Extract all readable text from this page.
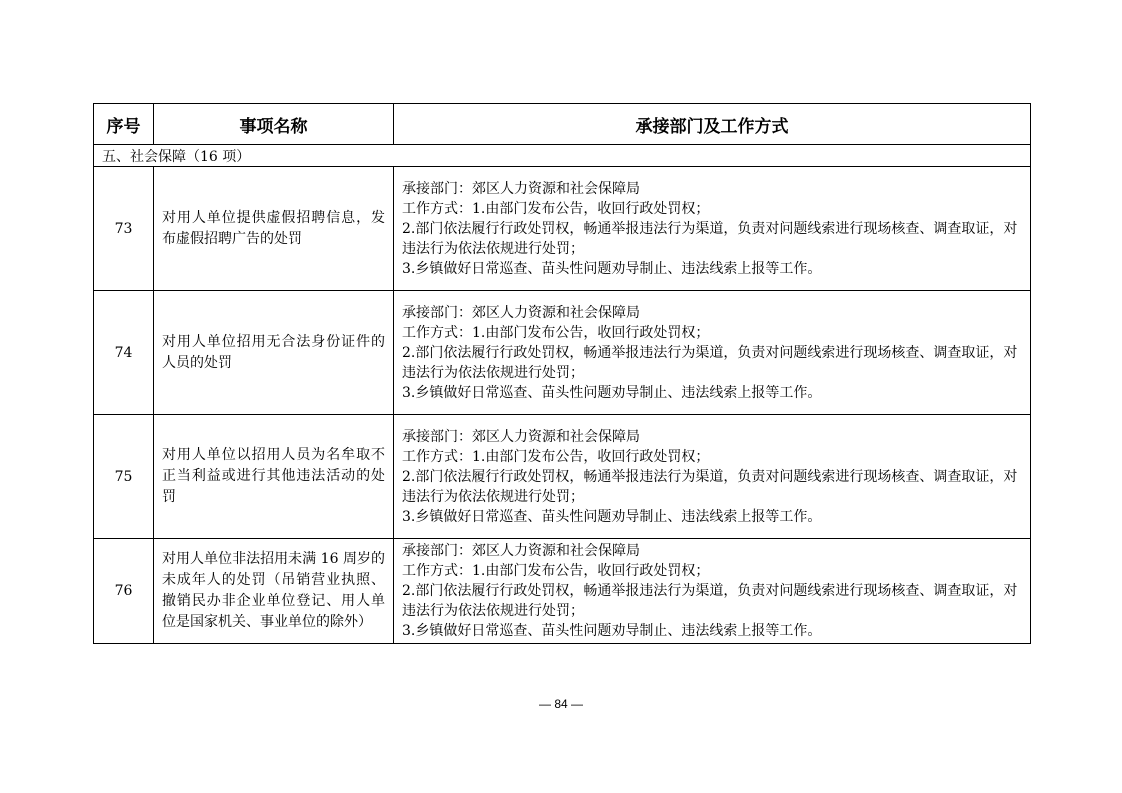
序号	事项名称	承接部门及工作方式
五、社会保障（16 项）		
73	对用人单位提供虚假招聘信息，发布虚假招聘广告的处罚	承接部门：郊区人力资源和社会保障局
工作方式：1.由部门发布公告，收回行政处罚权；
2.部门依法履行行政处罚权，畅通举报违法行为渠道，负责对问题线索进行现场核查、调查取证，对违法行为依法依规进行处罚；
3.乡镇做好日常巡查、苗头性问题劝导制止、违法线索上报等工作。

74	对用人单位招用无合法身份证件的人员的处罚	承接部门：郊区人力资源和社会保障局
工作方式：1.由部门发布公告，收回行政处罚权；
2.部门依法履行行政处罚权，畅通举报违法行为渠道，负责对问题线索进行现场核查、调查取证，对违法行为依法依规进行处罚；
3.乡镇做好日常巡查、苗头性问题劝导制止、违法线索上报等工作。

75	对用人单位以招用人员为名牟取不正当利益或进行其他违法活动的处罚	承接部门：郊区人力资源和社会保障局
工作方式：1.由部门发布公告，收回行政处罚权；
2.部门依法履行行政处罚权，畅通举报违法行为渠道，负责对问题线索进行现场核查、调查取证，对违法行为依法依规进行处罚；
3.乡镇做好日常巡查、苗头性问题劝导制止、违法线索上报等工作。

76	对用人单位非法招用未满 16 周岁的未成年人的处罚（吊销营业执照、撤销民办非企业单位登记、用人单位是国家机关、事业单位的除外）	承接部门：郊区人力资源和社会保障局
工作方式：1.由部门发布公告，收回行政处罚权；
2.部门依法履行行政处罚权，畅通举报违法行为渠道，负责对问题线索进行现场核查、调查取证，对违法行为依法依规进行处罚；
3.乡镇做好日常巡查、苗头性问题劝导制止、违法线索上报等工作。
— 84 —
